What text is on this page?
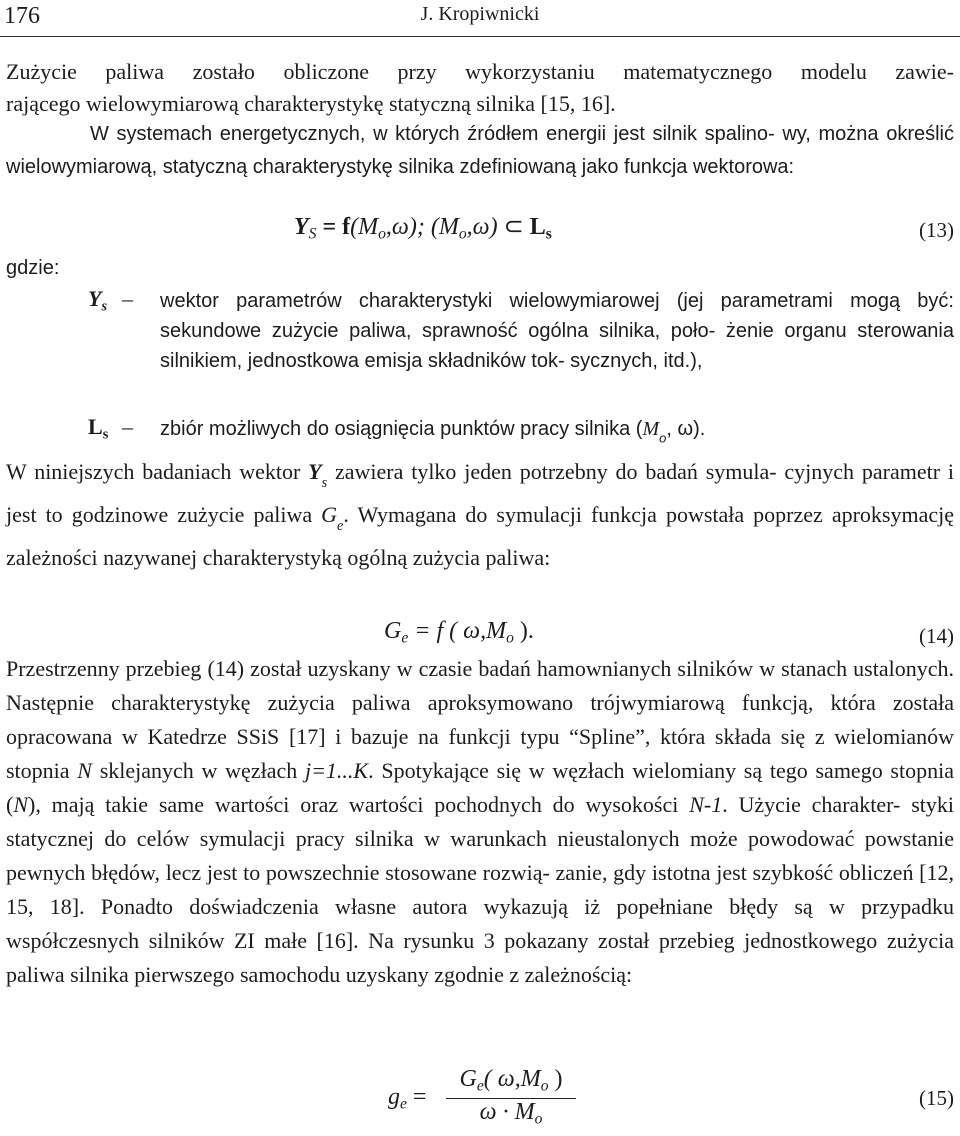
176	J. Kropiwnicki
Zużycie paliwa zostało obliczone przy wykorzystaniu matematycznego modelu zawie-
rającego wielowymiarową charakterystykę statyczną silnika [15, 16].

W systemach energetycznych, w których źródłem energii jest silnik spalino- wy, można określić wielowymiarową, statyczną charakterystykę silnika zdefiniowaną jako funkcja wektorowa:

$Y_S = f(M_o,\omega)$; $(M_o,\omega)$ ⊂ $L_s$	(13)
gdzie:
$Y_s$ – wektor parametrów charakterystyki wielowymiarowej (jej parametrami mogą być: sekundowe zużycie paliwa, sprawność ogólna silnika, poło- żenie organu sterowania silnikiem, jednostkowa emisja składników tok- sycznych, itd.),
$L_s$ – zbiór możliwych do osiągnięcia punktów pracy silnika ($M_o$, ω).

W niniejszych badaniach wektor $Y_s$ zawiera tylko jeden potrzebny do badań symula- cyjnych parametr i jest to godzinowe zużycie paliwa $G_e$. Wymagana do symulacji funkcja powstała poprzez aproksymację zależności nazywanej charakterystyką ogólną zużycia paliwa:

$G_e = f$ ( $\omega,M_o$ ).	(14)

Przestrzenny przebieg (14) został uzyskany w czasie badań hamownianych silników w stanach ustalonych. Następnie charakterystykę zużycia paliwa aproksymowano trójwymiarową funkcją, która została opracowana w Katedrze SSiS [17] i bazuje na funkcji typu “Spline”, która składa się z wielomianów stopnia N sklejanych w węzłach j=1...K. Spotykające się w węzłach wielomiany są tego samego stopnia (N), mają takie same wartości oraz wartości pochodnych do wysokości N-1. Użycie charakter- styki statycznej do celów symulacji pracy silnika w warunkach nieustalonych może powodować powstanie pewnych błędów, lecz jest to powszechnie stosowane rozwią- zanie, gdy istotna jest szybkość obliczeń [12, 15, 18]. Ponadto doświadczenia własne autora wykazują iż popełniane błędy są w przypadku współczesnych silników ZI małe [16]. Na rysunku 3 pokazany został przebieg jednostkowego zużycia paliwa silnika pierwszego samochodu uzyskany zgodnie z zależnością:

$g_e = \frac{G_e( \omega,M_o )}{\omega \cdot M_o}$	(15)
